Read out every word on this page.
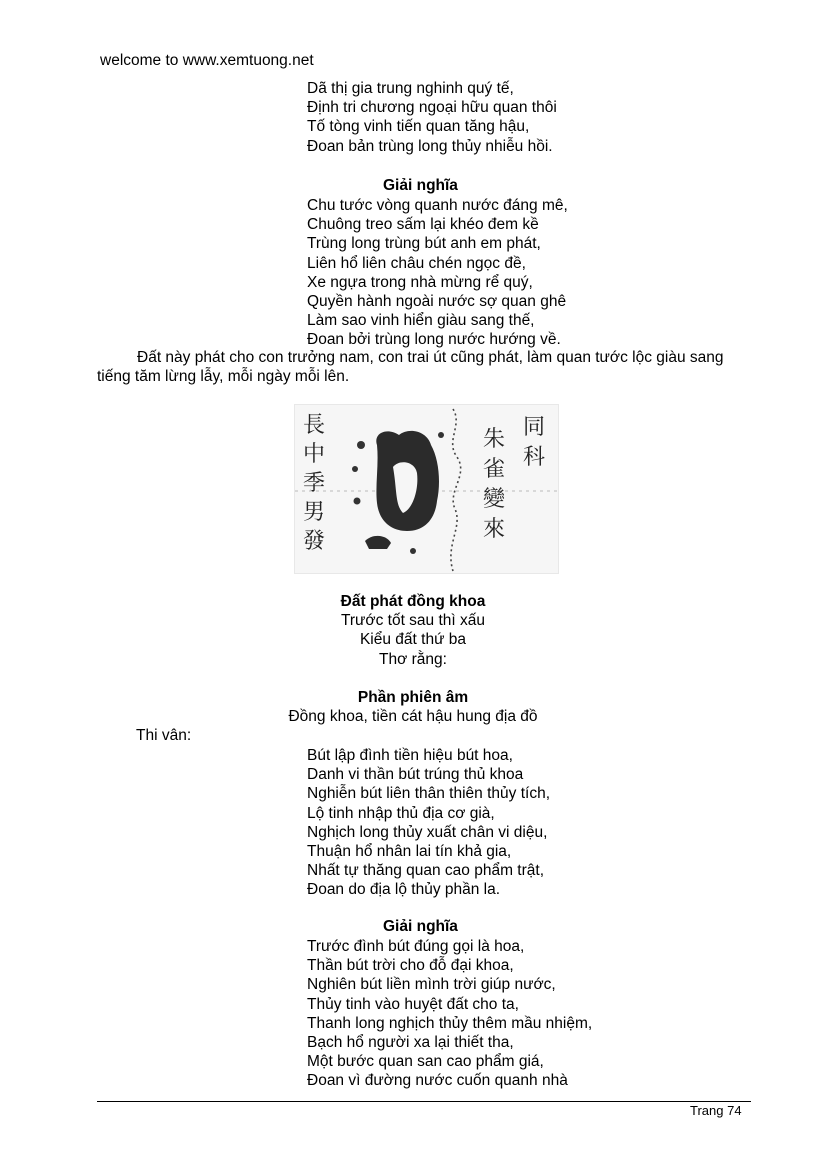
welcome to www.xemtuong.net
Dã thị gia trung nghinh quý tế,
Định tri chương ngoại hữu quan thôi
Tố tòng vinh tiến quan tăng hậu,
Đoan bản trùng long thủy nhiễu hồi.
Giải nghĩa
Chu tước vòng quanh nước đáng mê,
Chuông treo sấm lại khéo đem kề
Trùng long trùng bút anh em phát,
Liên hổ liên châu chén ngọc đề,
Xe ngựa trong nhà mừng rể quý,
Quyền hành ngoài nước sợ quan ghê
Làm sao vinh hiển giàu sang thế,
Đoan bởi trùng long nước hướng về.
Đất này phát cho con trưởng nam, con trai út cũng phát, làm quan tước lộc giàu sang tiếng tăm lừng lẫy, mỗi ngày mỗi lên.
長中季男發
同科
朱雀變來
Đất phát đồng khoa
Trước tốt sau thì xấu
Kiểu đất thứ ba
Thơ rằng:
Phần phiên âm
Đồng khoa, tiền cát hậu hung địa đồ
Thi vân:
Bút lập đình tiền hiệu bút hoa,
Danh vi thần bút trúng thủ khoa
Nghiễn bút liên thân thiên thủy tích,
Lộ tinh nhập thủ địa cơ già,
Nghịch long thủy xuất chân vi diệu,
Thuận hổ nhân lai tín khả gia,
Nhất tự thăng quan cao phẩm trật,
Đoan do địa lộ thủy phần la.
Giải nghĩa
Trước đình bút đúng gọi là hoa,
Thần bút trời cho đỗ đại khoa,
Nghiên bút liền mình trời giúp nước,
Thủy tinh vào huyệt đất cho ta,
Thanh long nghịch thủy thêm mầu nhiệm,
Bạch hổ người xa lại thiết tha,
Một bước quan san cao phẩm giá,
Đoan vì đường nước cuốn quanh nhà
Trang 74
